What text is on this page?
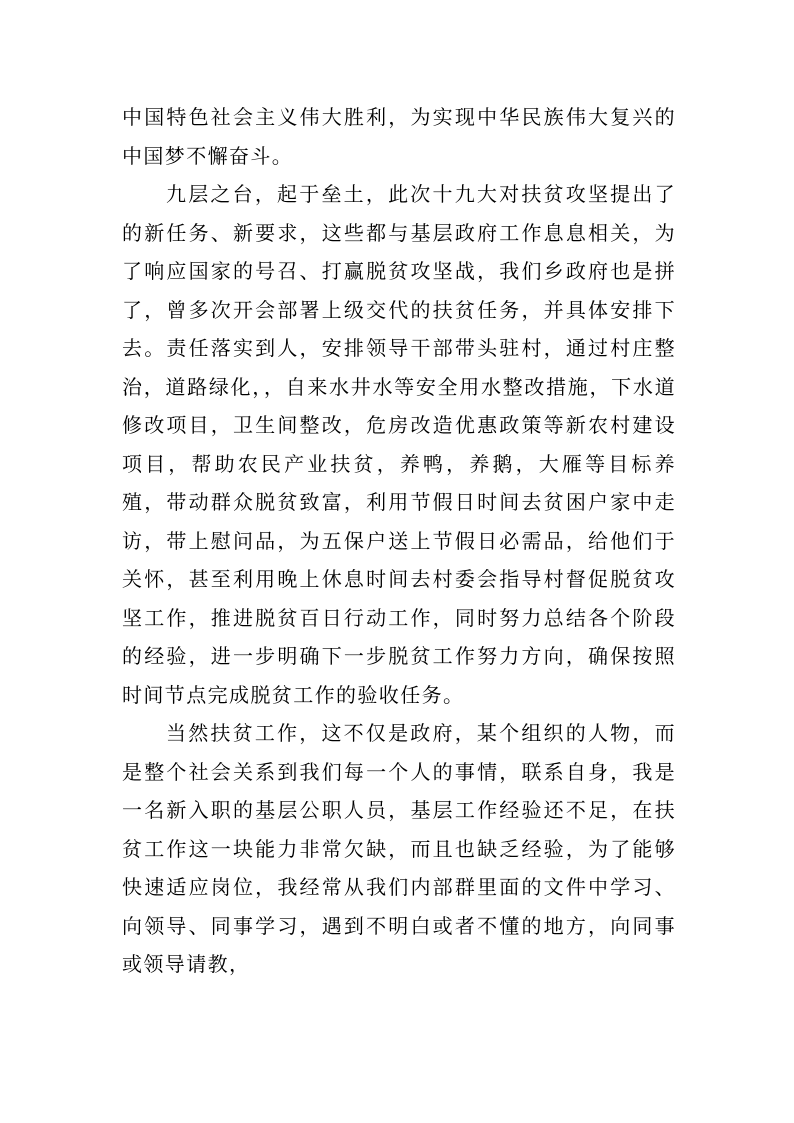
中国特色社会主义伟大胜利，为实现中华民族伟大复兴的中国梦不懈奋斗。

九层之台，起于垒土，此次十九大对扶贫攻坚提出了的新任务、新要求，这些都与基层政府工作息息相关，为了响应国家的号召、打赢脱贫攻坚战，我们乡政府也是拼了，曾多次开会部署上级交代的扶贫任务，并具体安排下去。责任落实到人，安排领导干部带头驻村，通过村庄整治，道路绿化，，自来水井水等安全用水整改措施，下水道修改项目，卫生间整改，危房改造优惠政策等新农村建设项目，帮助农民产业扶贫，养鸭，养鹅，大雁等目标养殖，带动群众脱贫致富，利用节假日时间去贫困户家中走访，带上慰问品，为五保户送上节假日必需品，给他们于关怀，甚至利用晚上休息时间去村委会指导村督促脱贫攻坚工作，推进脱贫百日行动工作，同时努力总结各个阶段的经验，进一步明确下一步脱贫工作努力方向，确保按照时间节点完成脱贫工作的验收任务。

当然扶贫工作，这不仅是政府，某个组织的人物，而是整个社会关系到我们每一个人的事情，联系自身，我是一名新入职的基层公职人员，基层工作经验还不足，在扶贫工作这一块能力非常欠缺，而且也缺乏经验，为了能够快速适应岗位，我经常从我们内部群里面的文件中学习、向领导、同事学习，遇到不明白或者不懂的地方，向同事或领导请教，
